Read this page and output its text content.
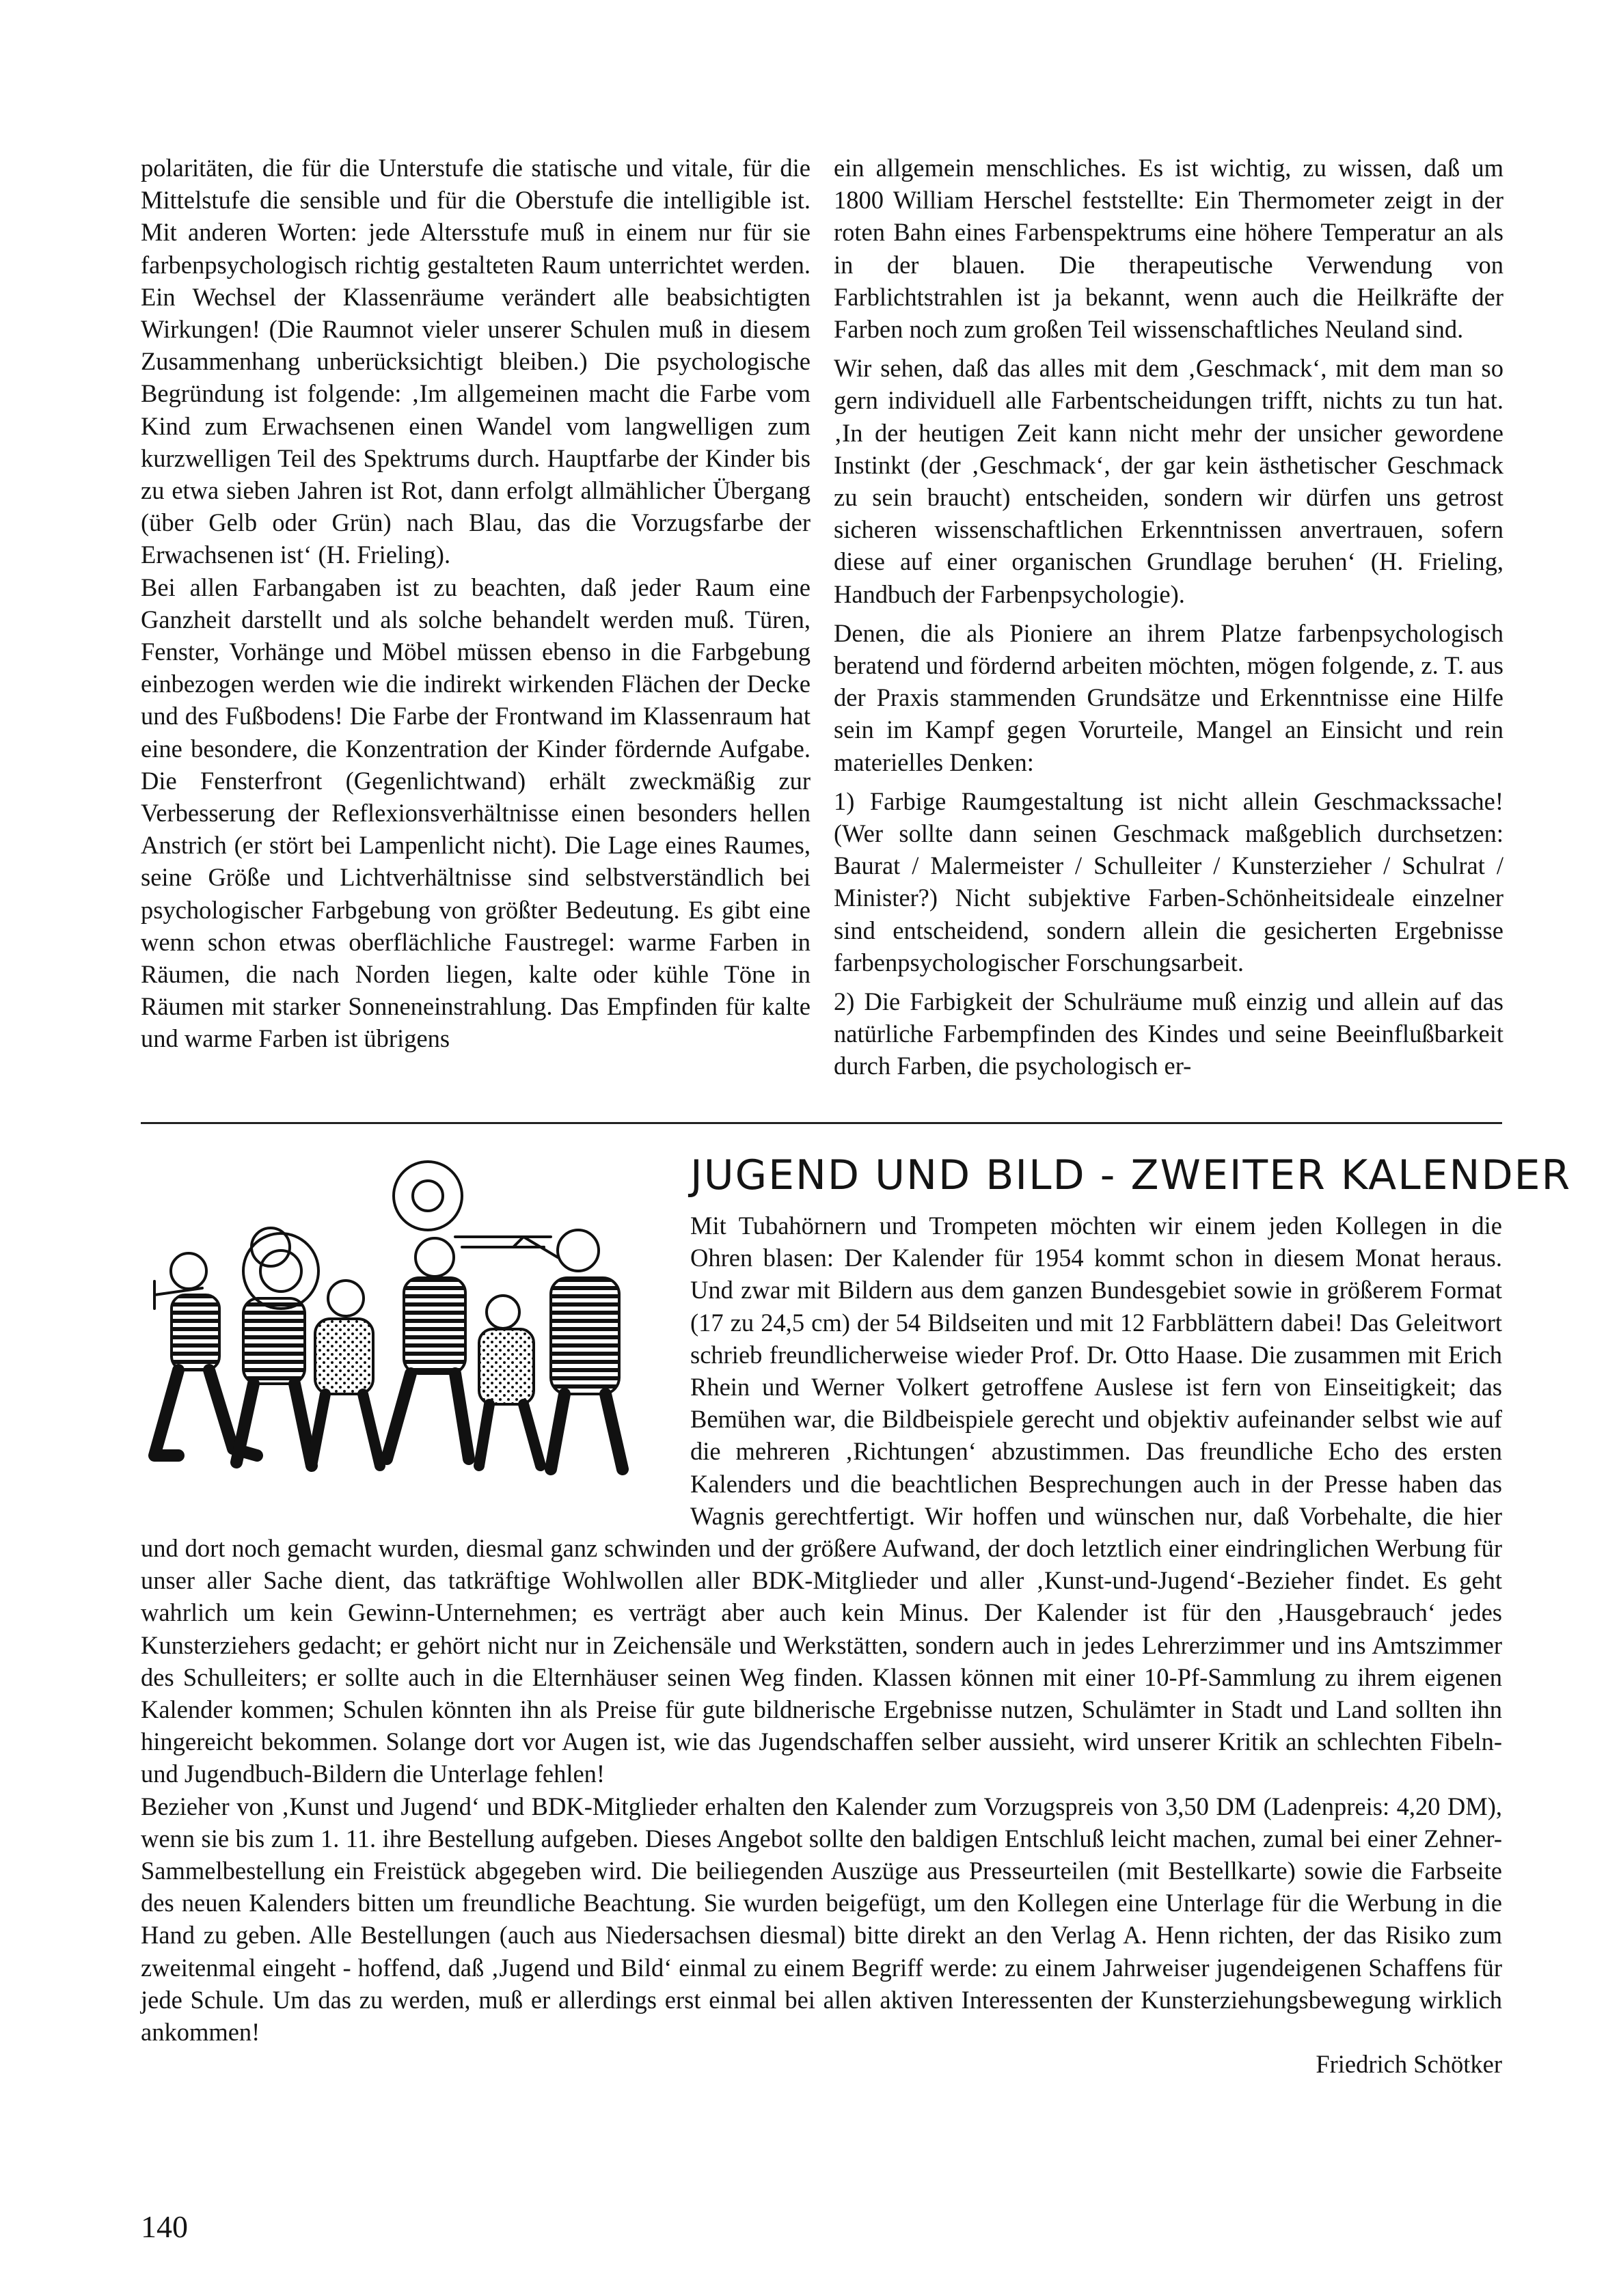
polaritäten, die für die Unterstufe die statische und vitale, für die Mittelstufe die sensible und für die Oberstufe die intelligible ist. Mit anderen Worten: jede Altersstufe muß in einem nur für sie farbenpsychologisch richtig gestalteten Raum unterrichtet werden. Ein Wechsel der Klassenräume verändert alle beabsichtigten Wirkungen! (Die Raumnot vieler unserer Schulen muß in diesem Zusammenhang unberücksichtigt bleiben.) Die psychologische Begründung ist folgende: ‚Im allgemeinen macht die Farbe vom Kind zum Erwachsenen einen Wandel vom langwelligen zum kurzwelligen Teil des Spektrums durch. Hauptfarbe der Kinder bis zu etwa sieben Jahren ist Rot, dann erfolgt allmählicher Übergang (über Gelb oder Grün) nach Blau, das die Vorzugsfarbe der Erwachsenen ist‘ (H. Frieling).

Bei allen Farbangaben ist zu beachten, daß jeder Raum eine Ganzheit darstellt und als solche behandelt werden muß. Türen, Fenster, Vorhänge und Möbel müssen ebenso in die Farbgebung einbezogen werden wie die indirekt wirkenden Flächen der Decke und des Fußbodens! Die Farbe der Frontwand im Klassenraum hat eine besondere, die Konzentration der Kinder fördernde Aufgabe. Die Fensterfront (Gegenlichtwand) erhält zweckmäßig zur Verbesserung der Reflexionsverhältnisse einen besonders hellen Anstrich (er stört bei Lampenlicht nicht). Die Lage eines Raumes, seine Größe und Lichtverhältnisse sind selbstverständlich bei psychologischer Farbgebung von größter Bedeutung. Es gibt eine wenn schon etwas oberflächliche Faustregel: warme Farben in Räumen, die nach Norden liegen, kalte oder kühle Töne in Räumen mit starker Sonneneinstrahlung. Das Empfinden für kalte und warme Farben ist übrigens

ein allgemein menschliches. Es ist wichtig, zu wissen, daß um 1800 William Herschel feststellte: Ein Thermometer zeigt in der roten Bahn eines Farbenspektrums eine höhere Temperatur an als in der blauen. Die therapeutische Verwendung von Farblichtstrahlen ist ja bekannt, wenn auch die Heilkräfte der Farben noch zum großen Teil wissenschaftliches Neuland sind.

Wir sehen, daß das alles mit dem ‚Geschmack‘, mit dem man so gern individuell alle Farbentscheidungen trifft, nichts zu tun hat. ‚In der heutigen Zeit kann nicht mehr der unsicher gewordene Instinkt (der ‚Geschmack‘, der gar kein ästhetischer Geschmack zu sein braucht) entscheiden, sondern wir dürfen uns getrost sicheren wissenschaftlichen Erkenntnissen anvertrauen, sofern diese auf einer organischen Grundlage beruhen‘ (H. Frieling, Handbuch der Farbenpsychologie).

Denen, die als Pioniere an ihrem Platze farbenpsychologisch beratend und fördernd arbeiten möchten, mögen folgende, z. T. aus der Praxis stammenden Grundsätze und Erkenntnisse eine Hilfe sein im Kampf gegen Vorurteile, Mangel an Einsicht und rein materielles Denken:

1) Farbige Raumgestaltung ist nicht allein Geschmackssache! (Wer sollte dann seinen Geschmack maßgeblich durchsetzen: Baurat / Malermeister / Schulleiter / Kunsterzieher / Schulrat / Minister?) Nicht subjektive Farben-Schönheitsideale einzelner sind entscheidend, sondern allein die gesicherten Ergebnisse farbenpsychologischer Forschungsarbeit.

2) Die Farbigkeit der Schulräume muß einzig und allein auf das natürliche Farbempfinden des Kindes und seine Beeinflußbarkeit durch Farben, die psychologisch er-

JUGEND UND BILD - ZWEITER KALENDER

Mit Tubahörnern und Trompeten möchten wir einem jeden Kollegen in die Ohren blasen: Der Kalender für 1954 kommt schon in diesem Monat heraus. Und zwar mit Bildern aus dem ganzen Bundesgebiet sowie in größerem Format (17 zu 24,5 cm) der 54 Bildseiten und mit 12 Farbblättern dabei! Das Geleitwort schrieb freundlicherweise wieder Prof. Dr. Otto Haase. Die zusammen mit Erich Rhein und Werner Volkert getroffene Auslese ist fern von Einseitigkeit; das Bemühen war, die Bildbeispiele gerecht und objektiv aufeinander selbst wie auf die mehreren ‚Richtungen‘ abzustimmen. Das freundliche Echo des ersten Kalenders und die beachtlichen Besprechungen auch in der Presse haben das Wagnis gerechtfertigt. Wir hoffen und wünschen nur, daß Vorbehalte, die hier und dort noch gemacht wurden, diesmal ganz schwinden und der größere Aufwand, der doch letztlich einer eindringlichen Werbung für unser aller Sache dient, das tatkräftige Wohlwollen aller BDK-Mitglieder und aller ‚Kunst-und-Jugend‘-Bezieher findet. Es geht wahrlich um kein Gewinn-Unternehmen; es verträgt aber auch kein Minus. Der Kalender ist für den ‚Hausgebrauch‘ jedes Kunsterziehers gedacht; er gehört nicht nur in Zeichensäle und Werkstätten, sondern auch in jedes Lehrerzimmer und ins Amtszimmer des Schulleiters; er sollte auch in die Elternhäuser seinen Weg finden. Klassen können mit einer 10-Pf-Sammlung zu ihrem eigenen Kalender kommen; Schulen könnten ihn als Preise für gute bildnerische Ergebnisse nutzen, Schulämter in Stadt und Land sollten ihn hingereicht bekommen. Solange dort vor Augen ist, wie das Jugendschaffen selber aussieht, wird unserer Kritik an schlechten Fibeln- und Jugendbuch-Bildern die Unterlage fehlen!

Bezieher von ‚Kunst und Jugend‘ und BDK-Mitglieder erhalten den Kalender zum Vorzugspreis von 3,50 DM (Ladenpreis: 4,20 DM), wenn sie bis zum 1. 11. ihre Bestellung aufgeben. Dieses Angebot sollte den baldigen Entschluß leicht machen, zumal bei einer Zehner-Sammelbestellung ein Freistück abgegeben wird. Die beiliegenden Auszüge aus Presseurteilen (mit Bestellkarte) sowie die Farbseite des neuen Kalenders bitten um freundliche Beachtung. Sie wurden beigefügt, um den Kollegen eine Unterlage für die Werbung in die Hand zu geben. Alle Bestellungen (auch aus Niedersachsen diesmal) bitte direkt an den Verlag A. Henn richten, der das Risiko zum zweitenmal eingeht - hoffend, daß ‚Jugend und Bild‘ einmal zu einem Begriff werde: zu einem Jahrweiser jugendeigenen Schaffens für jede Schule. Um das zu werden, muß er allerdings erst einmal bei allen aktiven Interessenten der Kunsterziehungsbewegung wirklich ankommen!

Friedrich Schötker

140
